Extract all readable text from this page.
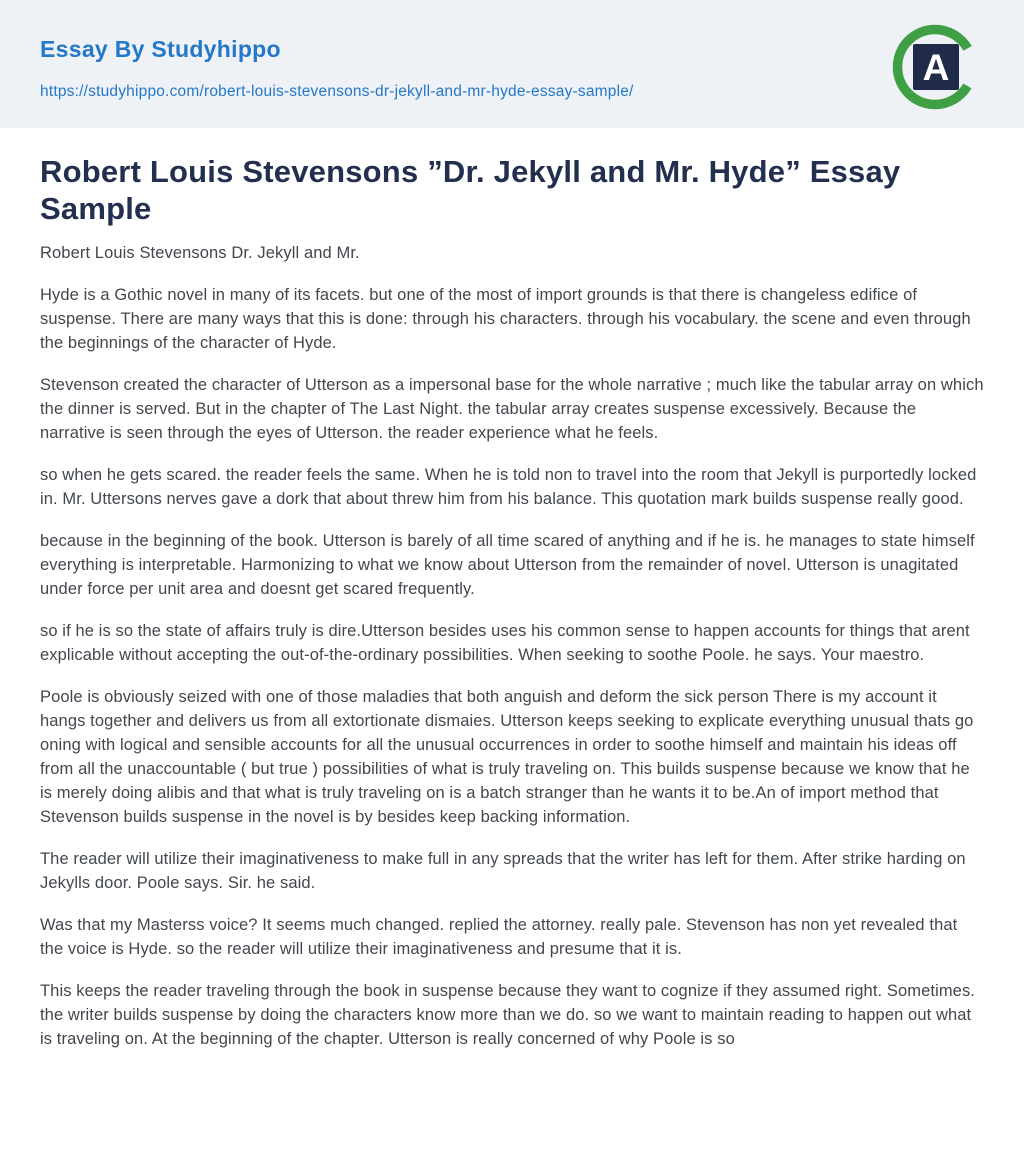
Essay By Studyhippo
https://studyhippo.com/robert-louis-stevensons-dr-jekyll-and-mr-hyde-essay-sample/
A
Robert Louis Stevensons ”Dr. Jekyll and Mr. Hyde” Essay Sample

Robert Louis Stevensons Dr. Jekyll and Mr.

Hyde is a Gothic novel in many of its facets. but one of the most of import grounds is that there is changeless edifice of suspense. There are many ways that this is done: through his characters. through his vocabulary. the scene and even through the beginnings of the character of Hyde.

Stevenson created the character of Utterson as a impersonal base for the whole narrative ; much like the tabular array on which the dinner is served. But in the chapter of The Last Night. the tabular array creates suspense excessively. Because the narrative is seen through the eyes of Utterson. the reader experience what he feels.

so when he gets scared. the reader feels the same. When he is told non to travel into the room that Jekyll is purportedly locked in. Mr. Uttersons nerves gave a dork that about threw him from his balance. This quotation mark builds suspense really good.

because in the beginning of the book. Utterson is barely of all time scared of anything and if he is. he manages to state himself everything is interpretable. Harmonizing to what we know about Utterson from the remainder of novel. Utterson is unagitated under force per unit area and doesnt get scared frequently.

so if he is so the state of affairs truly is dire.Utterson besides uses his common sense to happen accounts for things that arent explicable without accepting the out-of-the-ordinary possibilities. When seeking to soothe Poole. he says. Your maestro.

Poole is obviously seized with one of those maladies that both anguish and deform the sick person There is my account it hangs together and delivers us from all extortionate dismaies. Utterson keeps seeking to explicate everything unusual thats go oning with logical and sensible accounts for all the unusual occurrences in order to soothe himself and maintain his ideas off from all the unaccountable ( but true ) possibilities of what is truly traveling on. This builds suspense because we know that he is merely doing alibis and that what is truly traveling on is a batch stranger than he wants it to be.An of import method that Stevenson builds suspense in the novel is by besides keep backing information.

The reader will utilize their imaginativeness to make full in any spreads that the writer has left for them. After strike harding on Jekylls door. Poole says. Sir. he said.

Was that my Masterss voice? It seems much changed. replied the attorney. really pale. Stevenson has non yet revealed that the voice is Hyde. so the reader will utilize their imaginativeness and presume that it is.

This keeps the reader traveling through the book in suspense because they want to cognize if they assumed right. Sometimes. the writer builds suspense by doing the characters know more than we do. so we want to maintain reading to happen out what is traveling on. At the beginning of the chapter. Utterson is really concerned of why Poole is so
